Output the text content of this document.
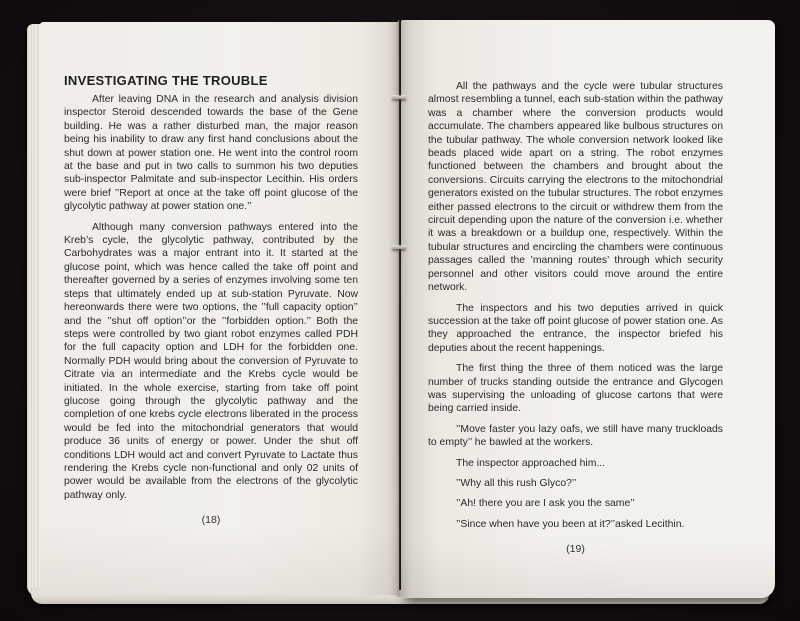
INVESTIGATING THE TROUBLE

After leaving DNA in the research and analysis division inspector Steroid descended towards the base of the Gene building. He was a rather disturbed man, the major reason being his inability to draw any first hand conclusions about the shut down at power station one. He went into the control room at the base and put in two calls to summon his two deputies sub-inspector Palmitate and sub-inspector Lecithin. His orders were brief ’’Report at once at the take off point glucose of the glycolytic pathway at power station one.’’

Although many conversion pathways entered into the Kreb’s cycle, the glycolytic pathway, contributed by the Carbohydrates was a major entrant into it. It started at the glucose point, which was hence called the take off point and thereafter governed by a series of enzymes involving some ten steps that ultimately ended up at sub-station Pyruvate. Now hereonwards there were two options, the ’’full capacity option’’ and the ’’shut off option’’or the ’’forbidden option.’’ Both the steps were controlled by two giant robot enzymes called PDH for the full capacity option and LDH for the forbidden one. Normally PDH would bring about the conversion of Pyruvate to Citrate via an intermediate and the Krebs cycle would be initiated. In the whole exercise, starting from take off point glucose going through the glycolytic pathway and the completion of one krebs cycle electrons liberated in the process would be fed into the mitochondrial generators that would produce 36 units of energy or power. Under the shut off conditions LDH would act and convert Pyruvate to Lactate thus rendering the Krebs cycle non-functional and only 02 units of power would be available from the electrons of the glycolytic pathway only.

(18)

All the pathways and the cycle were tubular structures almost resembling a tunnel, each sub-station within the pathway was a chamber where the conversion products would accumulate. The chambers appeared like bulbous structures on the tubular pathway. The whole conversion network looked like beads placed wide apart on a string. The robot enzymes functioned between the chambers and brought about the conversions. Circuits carrying the electrons to the mitochondrial generators existed on the tubular structures. The robot enzymes either passed electrons to the circuit or withdrew them from the circuit depending upon the nature of the conversion i.e. whether it was a breakdown or a buildup one, respectively. Within the tubular structures and encircling the chambers were continuous passages called the ’manning routes’ through which security personnel and other visitors could move around the entire network.

The inspectors and his two deputies arrived in quick succession at the take off point glucose of power station one. As they approached the entrance, the inspector briefed his deputies about the recent happenings.

The first thing the three of them noticed was the large number of trucks standing outside the entrance and Glycogen was supervising the unloading of glucose cartons that were being carried inside.

’’Move faster you lazy oafs, we still have many truckloads to empty’’ he bawled at the workers.

The inspector approached him...

’’Why all this rush Glyco?’’

’’Ah! there you are I ask you the same’’

’’Since when have you been at it?’’asked Lecithin.

(19)
